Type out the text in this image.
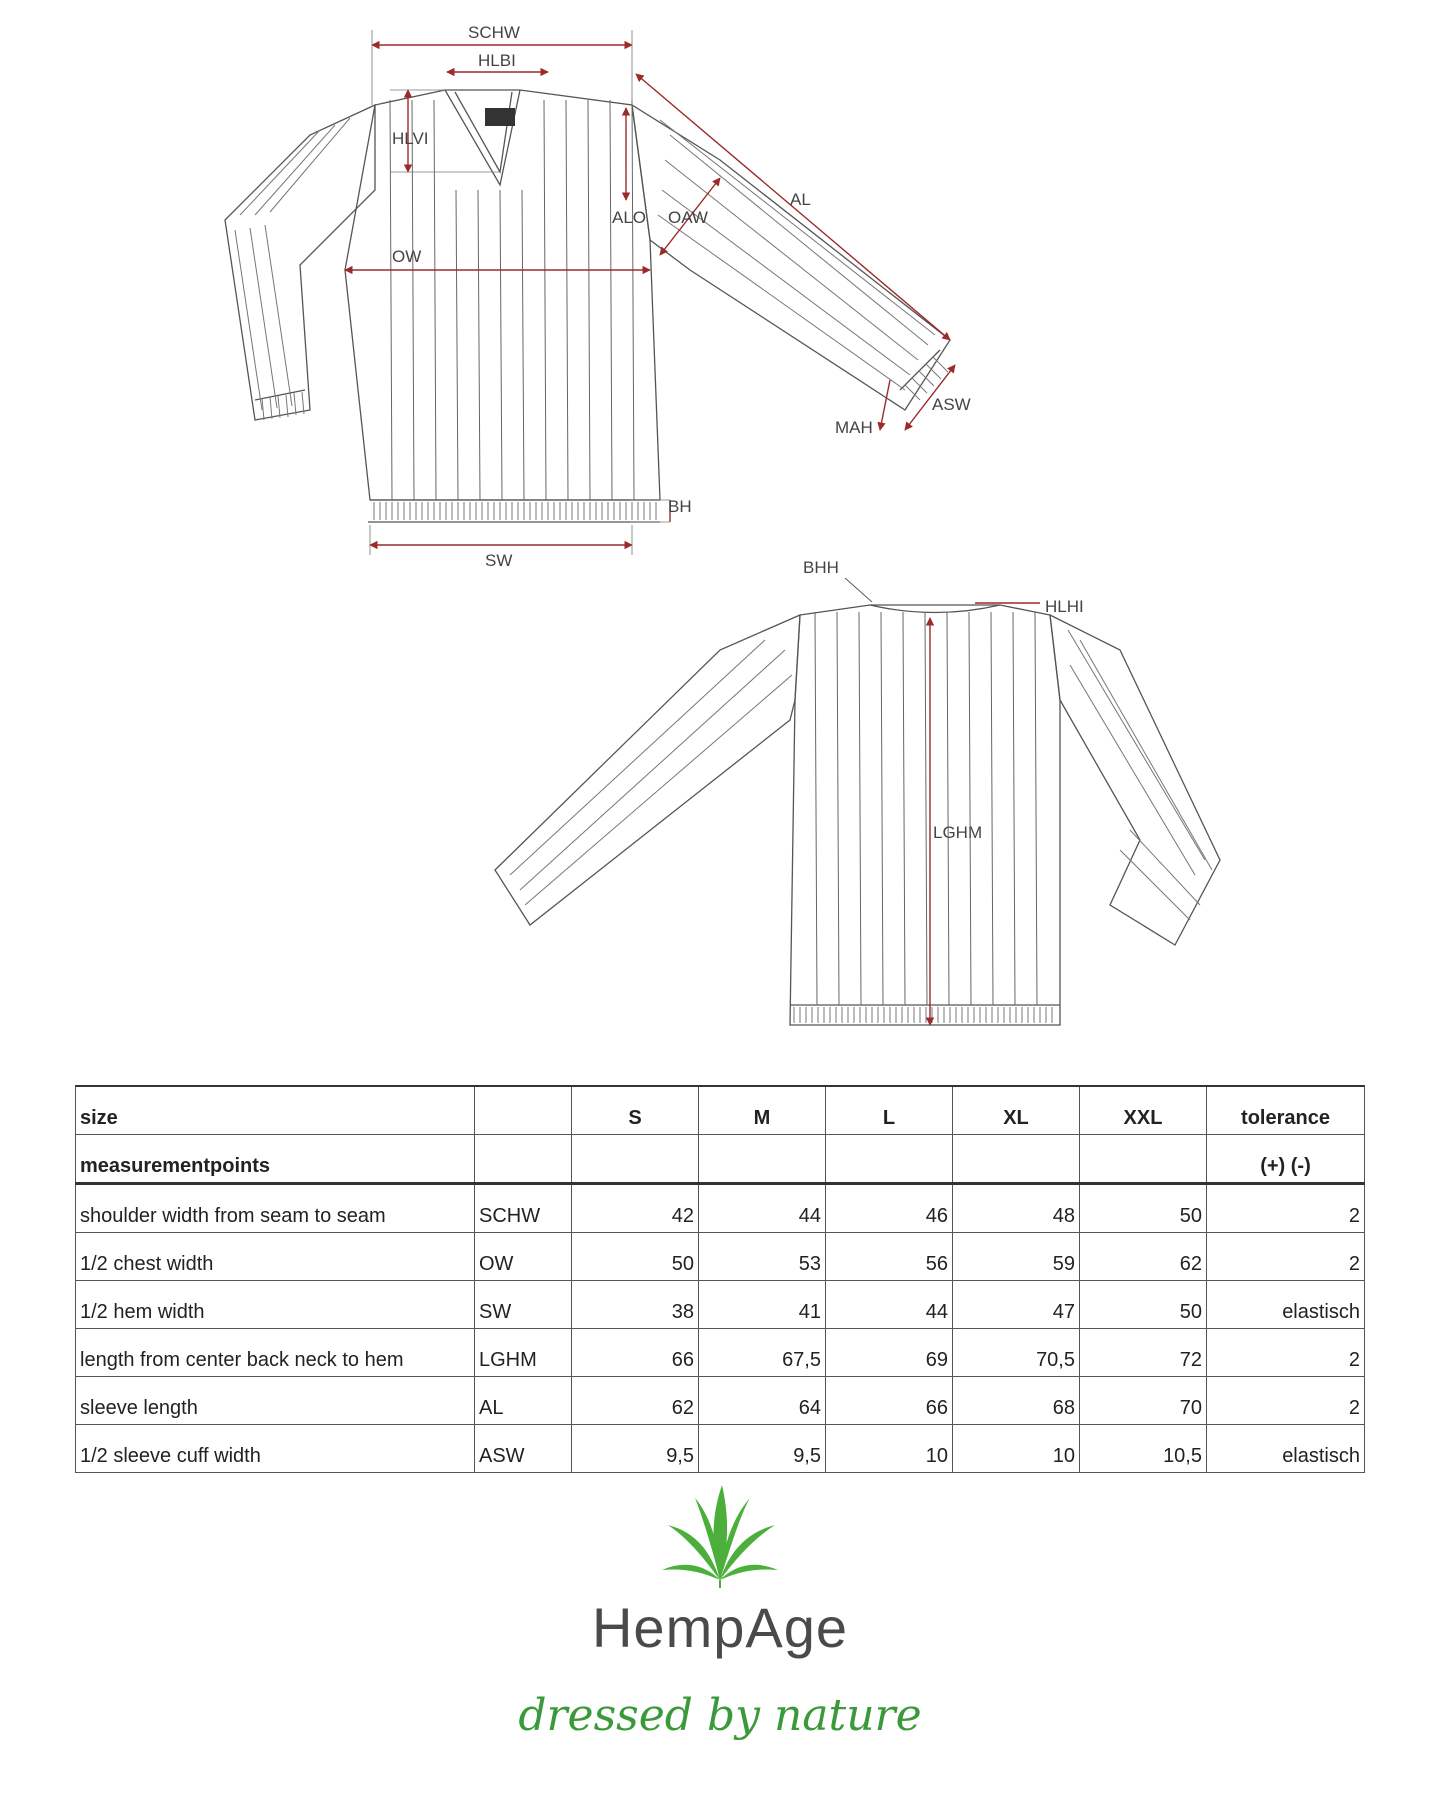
SCHW
HLBI
HLVI
AL
ALO OAW
OW
ASW
MAH
BH
SW	BHH
HLHI
LGHM
size		S	M	L	XL	XXL	tolerance
measurementpoints							(+) (-)
shoulder width from seam to seam	SCHW	42	44	46	48	50	2
1/2 chest width	OW	50	53	56	59	62	2
1/2 hem width	SW	38	41	44	47	50	elastisch
length from center back neck to hem	LGHM	66	67,5	69	70,5	72	2
sleeve length	AL	62	64	66	68	70	2
1/2 sleeve cuff width	ASW	9,5	9,5	10	10	10,5	elastisch
HempAge
dressed by nature
